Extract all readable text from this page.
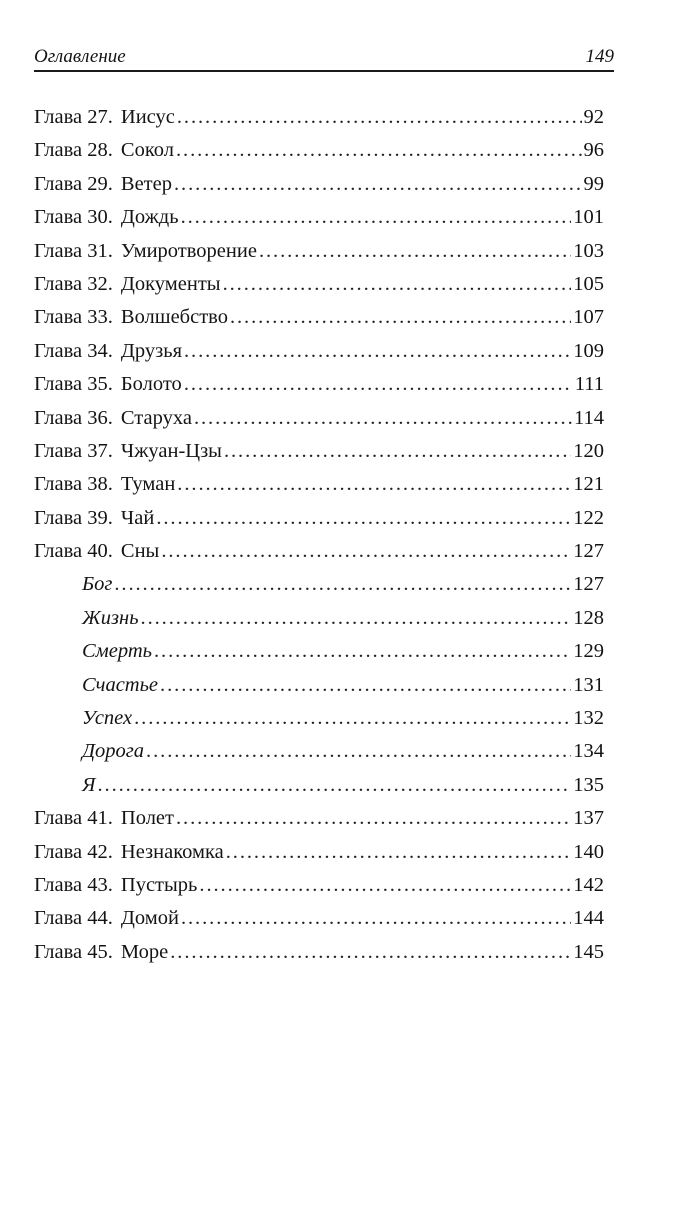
Оглавление	149
Глава 27. Иисус . . .	92
Глава 28. Сокол . . .	96
Глава 29. Ветер . . .	99
Глава 30. Дождь . . .	101
Глава 31. Умиротворение . . .	103
Глава 32. Документы . . .	105
Глава 33. Волшебство . . .	107
Глава 34. Друзья . . .	109
Глава 35. Болото . . .	111
Глава 36. Старуха . . .	114
Глава 37. Чжуан-Цзы . . .	120
Глава 38. Туман . . .	121
Глава 39. Чай . . .	122
Глава 40. Сны . . .	127
Бог . . .	127
Жизнь . . .	128
Смерть . . .	129
Счастье . . .	131
Успех . . .	132
Дорога . . .	134
Я . . .	135
Глава 41. Полет . . .	137
Глава 42. Незнакомка . . .	140
Глава 43. Пустырь . . .	142
Глава 44. Домой . . .	144
Глава 45. Море . . .	145
